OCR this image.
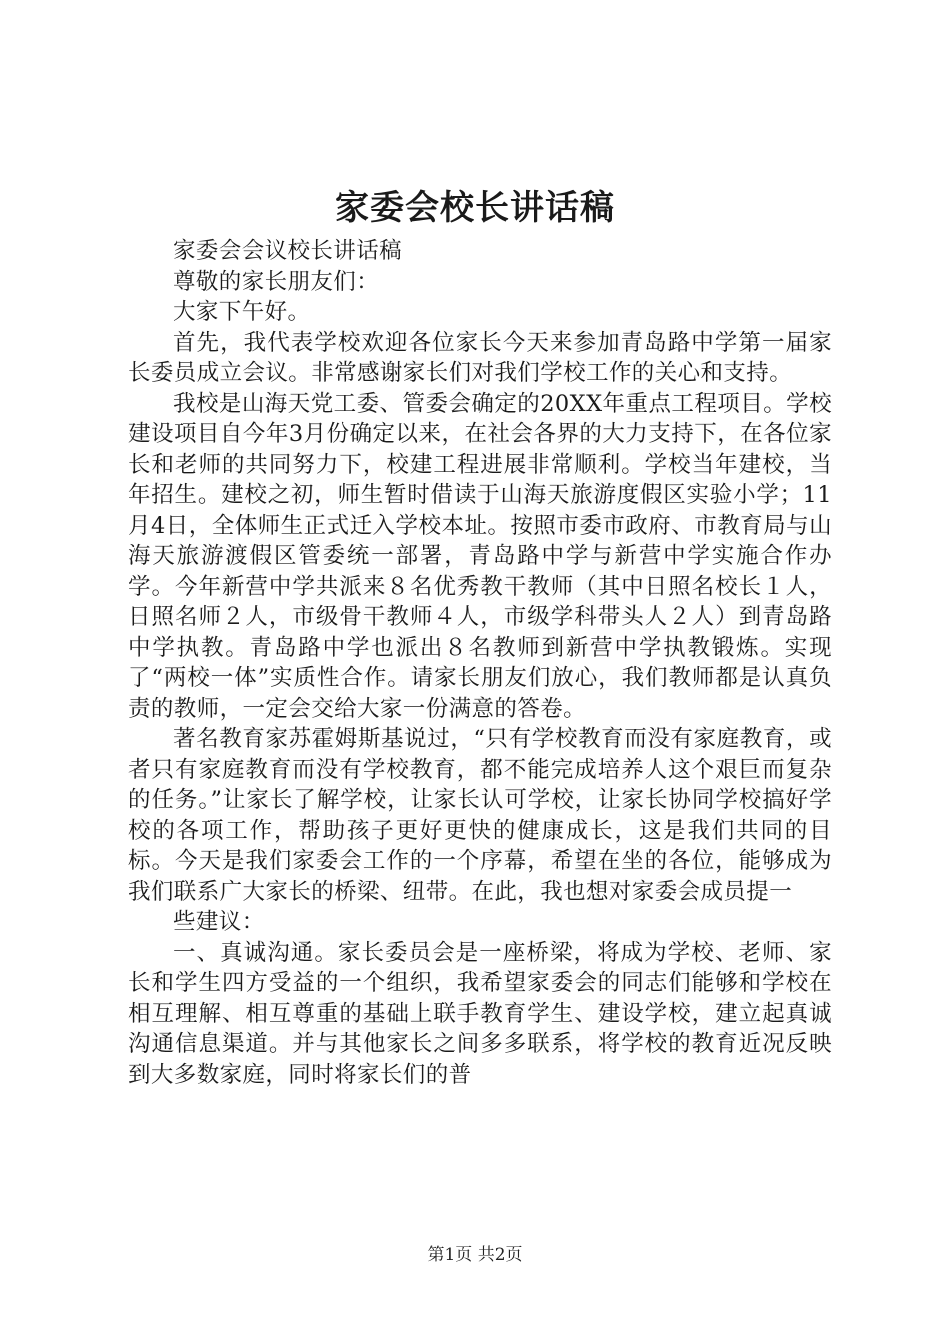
家委会校长讲话稿

家委会会议校长讲话稿

尊敬的家长朋友们：

大家下午好。

首先，我代表学校欢迎各位家长今天来参加青岛路中学第一届家长委员成立会议。非常感谢家长们对我们学校工作的关心和支持。

我校是山海天党工委、管委会确定的20XX年重点工程项目。学校建设项目自今年3月份确定以来，在社会各界的大力支持下，在各位家长和老师的共同努力下，校建工程进展非常顺利。学校当年建校，当年招生。建校之初，师生暂时借读于山海天旅游度假区实验小学；11月4日，全体师生正式迁入学校本址。按照市委市政府、市教育局与山海天旅游渡假区管委统一部署，青岛路中学与新营中学实施合作办学。今年新营中学共派来８名优秀教干教师（其中日照名校长１人，日照名师２人，市级骨干教师４人，市级学科带头人２人）到青岛路中学执教。青岛路中学也派出８名教师到新营中学执教锻炼。实现了“两校一体”实质性合作。请家长朋友们放心，我们教师都是认真负责的教师，一定会交给大家一份满意的答卷。

著名教育家苏霍姆斯基说过，“只有学校教育而没有家庭教育，或者只有家庭教育而没有学校教育，都不能完成培养人这个艰巨而复杂的任务。”让家长了解学校，让家长认可学校，让家长协同学校搞好学校的各项工作，帮助孩子更好更快的健康成长，这是我们共同的目标。今天是我们家委会工作的一个序幕，希望在坐的各位，能够成为我们联系广大家长的桥梁、纽带。在此，我也想对家委会成员提一

些建议：

一、真诚沟通。家长委员会是一座桥梁，将成为学校、老师、家长和学生四方受益的一个组织，我希望家委会的同志们能够和学校在相互理解、相互尊重的基础上联手教育学生、建设学校，建立起真诚沟通信息渠道。并与其他家长之间多多联系，将学校的教育近况反映到大多数家庭，同时将家长们的普

第1页 共2页
